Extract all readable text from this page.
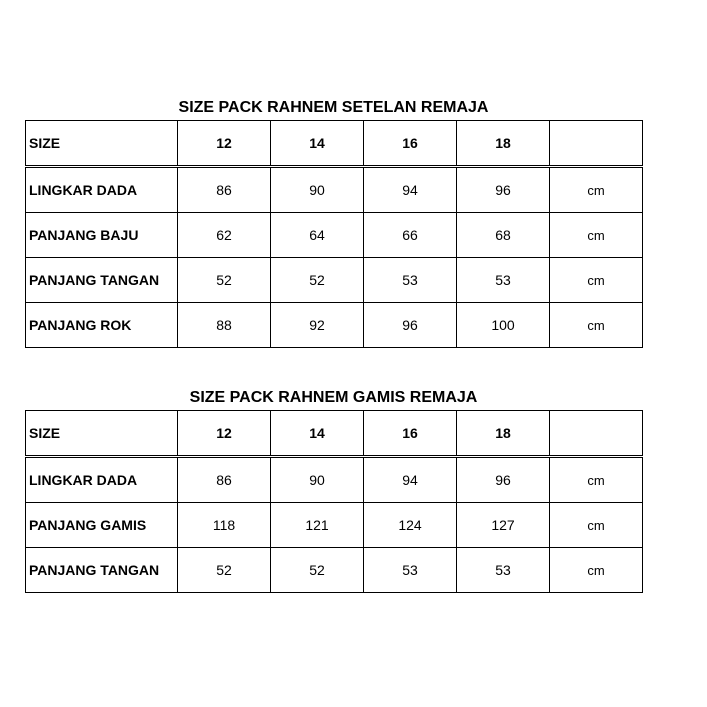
SIZE PACK RAHNEM SETELAN REMAJA
SIZE	12	14	16	18	
LINGKAR DADA	86	90	94	96	cm
PANJANG BAJU	62	64	66	68	cm
PANJANG TANGAN	52	52	53	53	cm
PANJANG ROK	88	92	96	100	cm
SIZE PACK RAHNEM GAMIS REMAJA
SIZE	12	14	16	18	
LINGKAR DADA	86	90	94	96	cm
PANJANG GAMIS	118	121	124	127	cm
PANJANG TANGAN	52	52	53	53	cm
